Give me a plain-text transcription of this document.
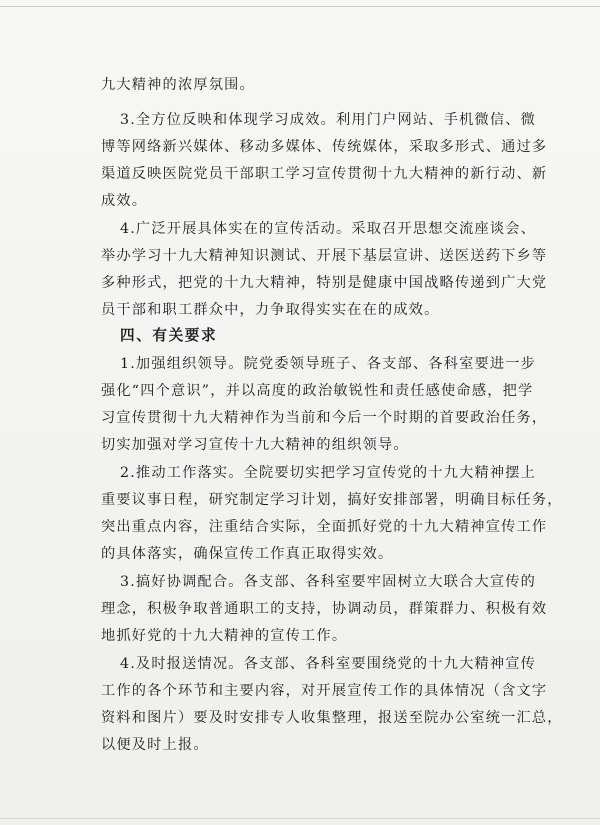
九大精神的浓厚氛围。
3.全方位反映和体现学习成效。利用门户网站、手机微信、微
博等网络新兴媒体、移动多媒体、传统媒体，采取多形式、通过多
渠道反映医院党员干部职工学习宣传贯彻十九大精神的新行动、新
成效。
4.广泛开展具体实在的宣传活动。采取召开思想交流座谈会、
举办学习十九大精神知识测试、开展下基层宣讲、送医送药下乡等
多种形式，把党的十九大精神，特别是健康中国战略传递到广大党
员干部和职工群众中，力争取得实实在在的成效。
四、有关要求
1.加强组织领导。院党委领导班子、各支部、各科室要进一步
强化“四个意识”，并以高度的政治敏锐性和责任感使命感，把学
习宣传贯彻十九大精神作为当前和今后一个时期的首要政治任务，
切实加强对学习宣传十九大精神的组织领导。
2.推动工作落实。全院要切实把学习宣传党的十九大精神摆上
重要议事日程，研究制定学习计划，搞好安排部署，明确目标任务，
突出重点内容，注重结合实际，全面抓好党的十九大精神宣传工作
的具体落实，确保宣传工作真正取得实效。
3.搞好协调配合。各支部、各科室要牢固树立大联合大宣传的
理念，积极争取普通职工的支持，协调动员，群策群力、积极有效
地抓好党的十九大精神的宣传工作。
4.及时报送情况。各支部、各科室要围绕党的十九大精神宣传
工作的各个环节和主要内容，对开展宣传工作的具体情况（含文字
资料和图片）要及时安排专人收集整理，报送至院办公室统一汇总，
以便及时上报。
